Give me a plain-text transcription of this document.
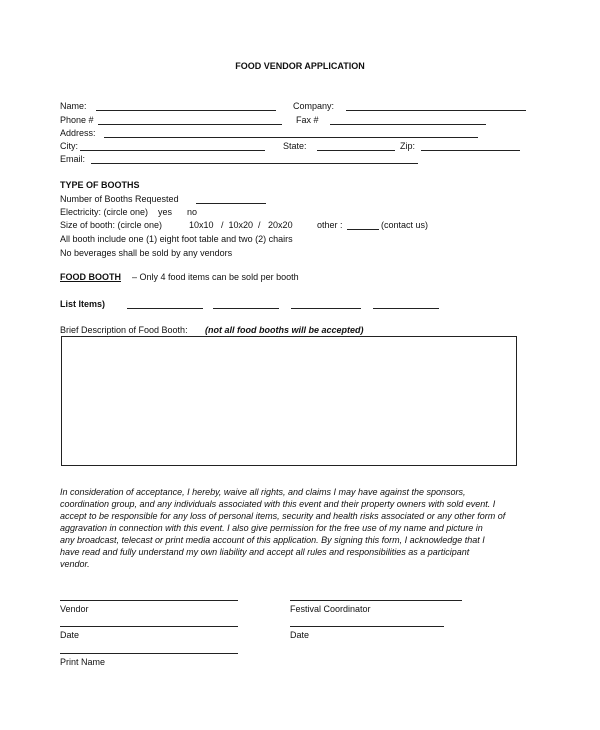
FOOD VENDOR APPLICATION
Name:	Company:
Phone #	Fax #
Address:
City:	State:	Zip:
Email:
TYPE OF BOOTHS
Number of Booths Requested
Electricity: (circle one)    yes      no
Size of booth: (circle one)	10x10   /  10x20  /   20x20	other :	(contact us)
All booth include one (1) eight foot table and two (2) chairs
No beverages shall be sold by any vendors
FOOD BOOTH – Only 4 food items can be sold per booth
List Items)
Brief Description of Food Booth: (not all food booths will be accepted)
In consideration of acceptance, I hereby, waive all rights, and claims I may have against the sponsors,
coordination group, and any individuals associated with this event and their property owners with sold event. I
accept to be responsible for any loss of personal items, security and health risks associated or any other form of
aggravation in connection with this event. I also give permission for the free use of my name and picture in
any broadcast, telecast or print media account of this application. By signing this form, I acknowledge that I
have read and fully understand my own liability and accept all rules and responsibilities as a participant
vendor.
Vendor	Festival Coordinator
Date	Date
Print Name
